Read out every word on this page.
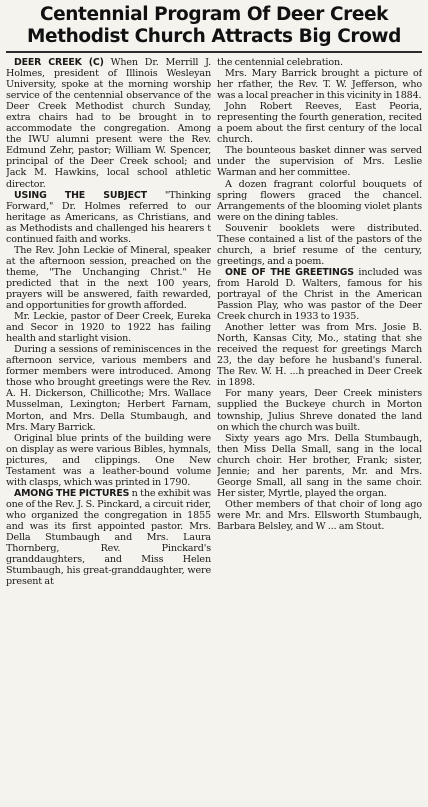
Centennial Program Of Deer Creek Methodist Church Attracts Big Crowd

DEER CREEK (C) When Dr. Merrill J. Holmes, president of Illinois Wesleyan University, spoke at the morning worship service of the centennial observance of the Deer Creek Methodist church Sunday, extra chairs had to be brought in to accommodate the congregation. Among the IWU alumni present were the Rev. Edmund Zehr, pastor; William W. Spencer, principal of the Deer Creek school; and Jack M. Hawkins, local school athletic director.

USING THE SUBJECT "Thinking Forward," Dr. Holmes referred to our heritage as Americans, as Christians, and as Methodists and challenged his hearers t continued faith and works.

The Rev. John Leckie of Mineral, speaker at the afternoon session, preached on the theme, "The Unchanging Christ." He predicted that in the next 100 years, prayers will be answered, faith rewarded, and opportunities for growth afforded.

Mr. Leckie, pastor of Deer Creek, Eureka and Secor in 1920 to 1922 has failing health and starlight vision.

During a sessions of reminiscences in the afternoon service, various members and former members were introduced. Among those who brought greetings were the Rev. A. H. Dickerson, Chillicothe; Mrs. Wallace Musselman, Lexington; Herbert Farnam, Morton, and Mrs. Della Stumbaugh, and Mrs. Mary Barrick.

Original blue prints of the building were on display as were various Bibles, hymnals, pictures, and clippings. One New Testament was a leather-bound volume with clasps, which was printed in 1790.

AMONG THE PICTURES n the exhibit was one of the Rev. J. S. Pinckard, a circuit rider, who organized the congregation in 1855 and was its first appointed pastor. Mrs. Della Stumbaugh and Mrs. Laura Thornberg, Rev. Pinckard's granddaughters, and Miss Helen Stumbaugh, his great-granddaughter, were present at

the centennial celebration.

Mrs. Mary Barrick brought a picture of her rfather, the Rev. T. W. Jefferson, who was a local preacher in this vicinity in 1884.

John Robert Reeves, East Peoria, representing the fourth generation, recited a poem about the first century of the local church.

The bounteous basket dinner was served under the supervision of Mrs. Leslie Warman and her committee.

A dozen fragrant colorful bouquets of spring flowers graced the chancel. Arrangements of the blooming violet plants were on the dining tables.

Souvenir booklets were distributed. These contained a list of the pastors of the church, a brief resume of the century, greetings, and a poem.

ONE OF THE GREETINGS included was from Harold D. Walters, famous for his portrayal of the Christ in the American Passion Play, who was pastor of the Deer Creek church in 1933 to 1935.

Another letter was from Mrs. Josie B. North, Kansas City, Mo., stating that she received the request for greetings March 23, the day before he husband's funeral. The Rev. W. H. ...h preached in Deer Creek in 1898.

For many years, Deer Creek ministers supplied the Buckeye church in Morton township, Julius Shreve donated the land on which the church was built.

Sixty years ago Mrs. Della Stumbaugh, then Miss Della Small, sang in the local church choir. Her brother, Frank; sister, Jennie; and her parents, Mr. and Mrs. George Small, all sang in the same choir. Her sister, Myrtle, played the organ.

Other members of that choir of long ago were Mr. and Mrs. Ellsworth Stumbaugh, Barbara Belsley, and W ... am Stout.
